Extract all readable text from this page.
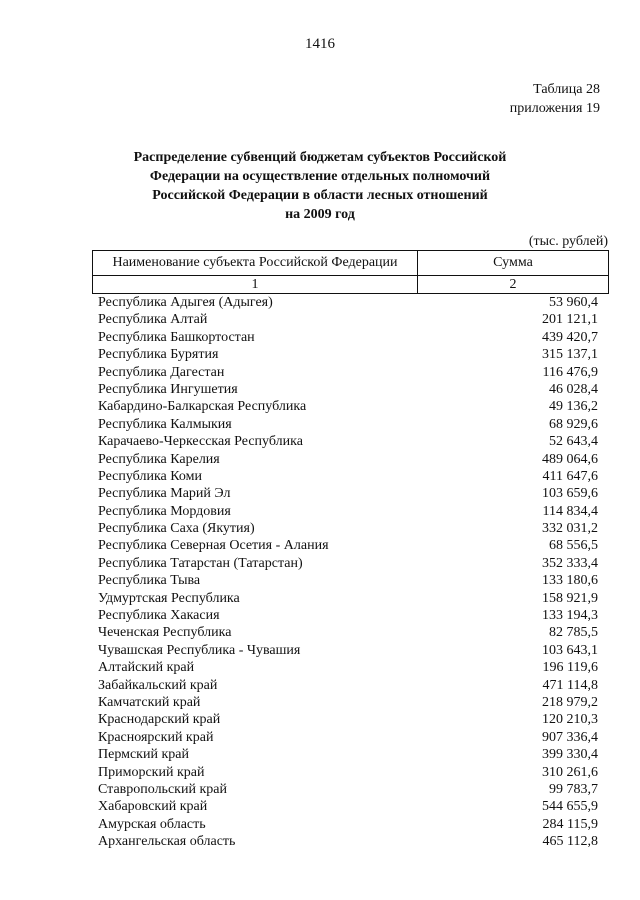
1416
Таблица 28
приложения 19
Распределение субвенций бюджетам субъектов Российской
Федерации на осуществление отдельных полномочий
Российской Федерации в области лесных отношений
на 2009 год
(тыс. рублей)
Наименование субъекта Российской Федерации	Сумма
1	2
Республика Адыгея (Адыгея)	53 960,4
Республика Алтай	201 121,1
Республика Башкортостан	439 420,7
Республика Бурятия	315 137,1
Республика Дагестан	116 476,9
Республика Ингушетия	46 028,4
Кабардино-Балкарская Республика	49 136,2
Республика Калмыкия	68 929,6
Карачаево-Черкесская Республика	52 643,4
Республика Карелия	489 064,6
Республика Коми	411 647,6
Республика Марий Эл	103 659,6
Республика Мордовия	114 834,4
Республика Саха (Якутия)	332 031,2
Республика Северная Осетия - Алания	68 556,5
Республика Татарстан (Татарстан)	352 333,4
Республика Тыва	133 180,6
Удмуртская Республика	158 921,9
Республика Хакасия	133 194,3
Чеченская Республика	82 785,5
Чувашская Республика - Чувашия	103 643,1
Алтайский край	196 119,6
Забайкальский край	471 114,8
Камчатский край	218 979,2
Краснодарский край	120 210,3
Красноярский край	907 336,4
Пермский край	399 330,4
Приморский край	310 261,6
Ставропольский край	99 783,7
Хабаровский край	544 655,9
Амурская область	284 115,9
Архангельская область	465 112,8
